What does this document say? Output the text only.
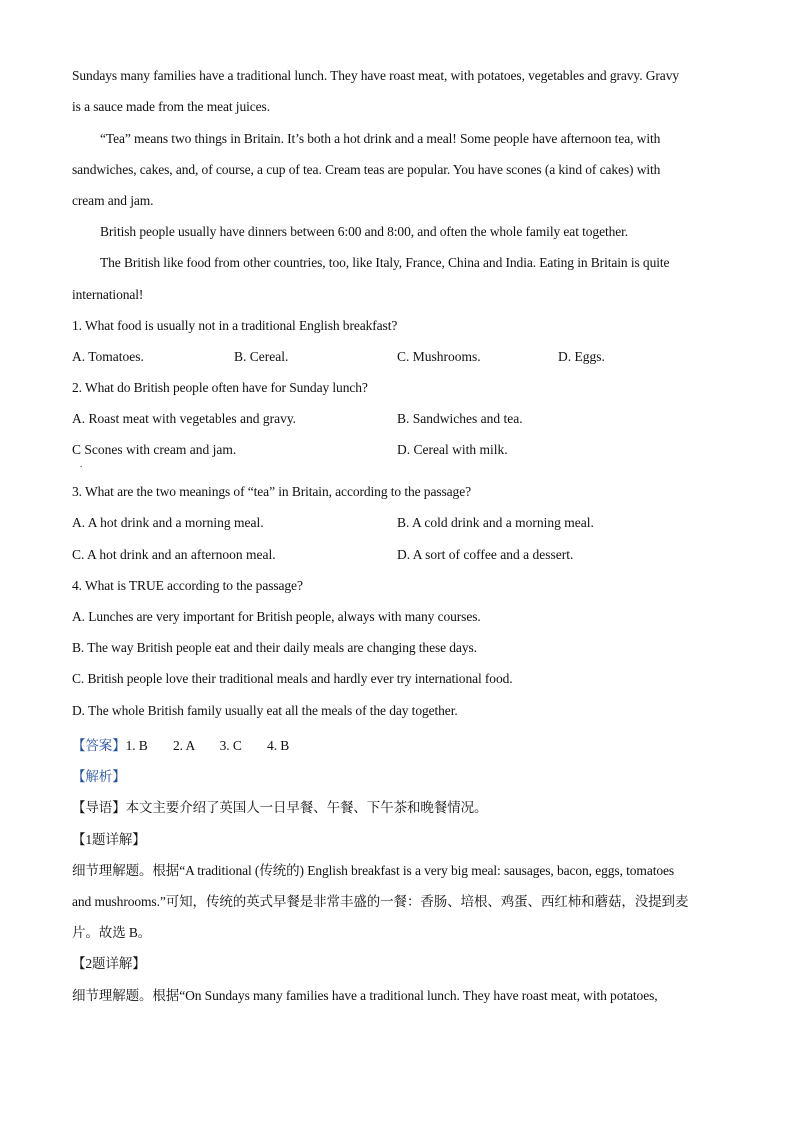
Sundays many families have a traditional lunch. They have roast meat, with potatoes, vegetables and gravy. Gravy
is a sauce made from the meat juices.
“Tea” means two things in Britain. It’s both a hot drink and a meal! Some people have afternoon tea, with
sandwiches, cakes, and, of course, a cup of tea. Cream teas are popular. You have scones (a kind of cakes) with
cream and jam.
British people usually have dinners between 6:00 and 8:00, and often the whole family eat together.
The British like food from other countries, too, like Italy, France, China and India. Eating in Britain is quite
international!
1. What food is usually not in a traditional English breakfast?
A. Tomatoes.	B. Cereal.	C. Mushrooms.	D. Eggs.
2. What do British people often have for Sunday lunch?
A. Roast meat with vegetables and gravy.	B. Sandwiches and tea.
C Scones with cream and jam.
.
D. Cereal with milk.
3. What are the two meanings of “tea” in Britain, according to the passage?
A. A hot drink and a morning meal.	B. A cold drink and a morning meal.
C. A hot drink and an afternoon meal.	D. A sort of coffee and a dessert.
4. What is TRUE according to the passage?
A. Lunches are very important for British people, always with many courses.
B. The way British people eat and their daily meals are changing these days.
C. British people love their traditional meals and hardly ever try international food.
D. The whole British family usually eat all the meals of the day together.
【答案】1. B 2. A 3. C 4. B
【解析】
【导语】本文主要介绍了英国人一日早餐、午餐、下午茶和晚餐情况。
【1题详解】
细节理解题。根据“A traditional (传统的) English breakfast is a very big meal: sausages, bacon, eggs, tomatoes
and mushrooms.”可知，传统的英式早餐是非常丰盛的一餐：香肠、培根、鸡蛋、西红柿和蘑菇，没提到麦
片。故选 B。
【2题详解】
细节理解题。根据“On Sundays many families have a traditional lunch. They have roast meat, with potatoes,
